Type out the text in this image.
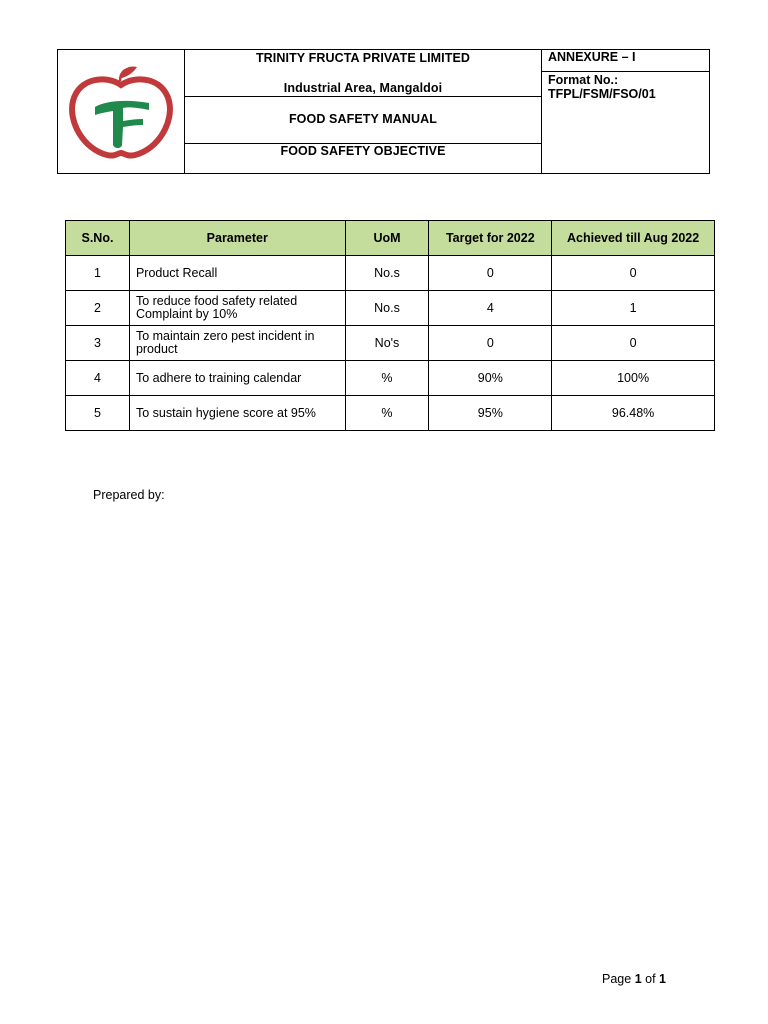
TRINITY FRUCTA PRIVATE LIMITED
Industrial Area, Mangaldoi
FOOD SAFETY MANUAL
FOOD SAFETY OBJECTIVE
ANNEXURE – I
Format No.:
TFPL/FSM/FSO/01
S.No.	Parameter	UoM	Target for 2022	Achieved till Aug 2022
1	Product Recall	No.s	0	0
2	To reduce food safety related Complaint by 10%	No.s	4	1
3	To maintain zero pest incident in product	No's	0	0
4	To adhere to training calendar	%	90%	100%
5	To sustain hygiene score at 95%	%	95%	96.48%
Prepared by:
Page 1 of 1
